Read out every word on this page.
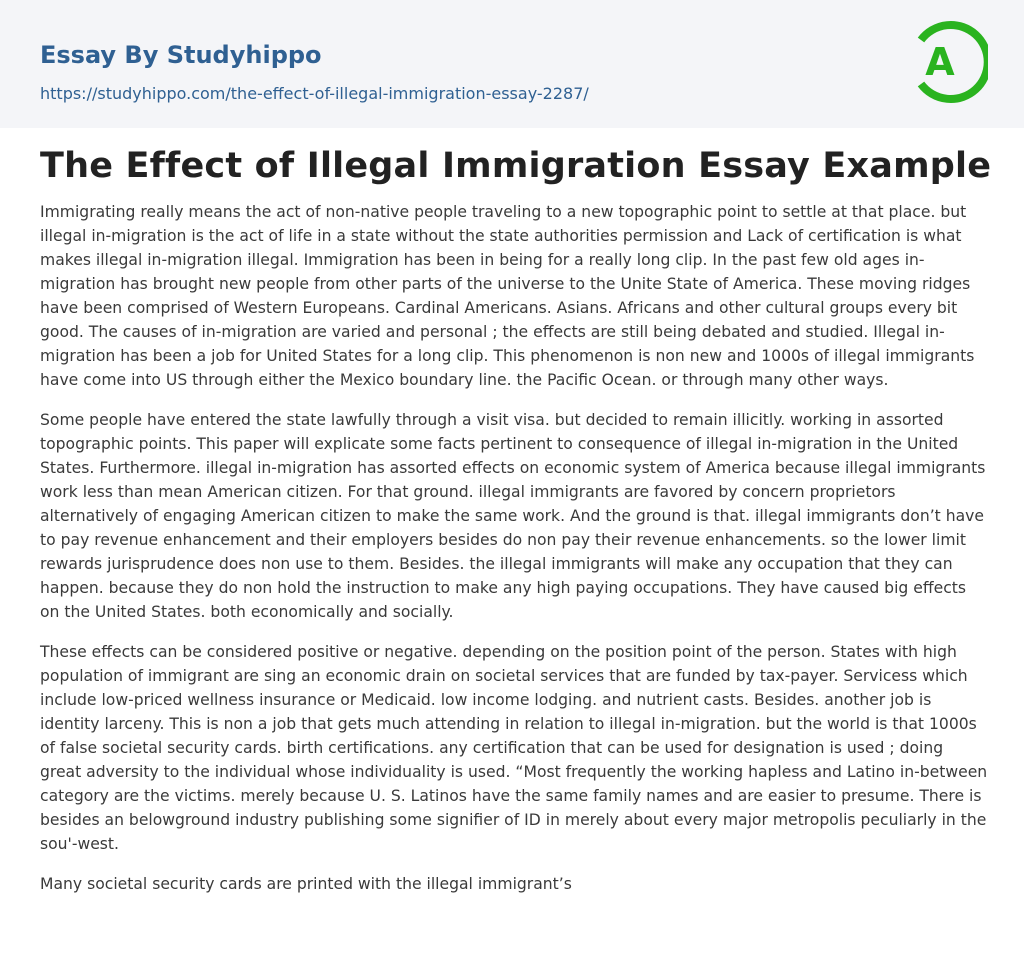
Essay By Studyhippo
https://studyhippo.com/the-effect-of-illegal-immigration-essay-2287/
A
The Effect of Illegal Immigration Essay Example

Immigrating really means the act of non-native people traveling to a new topographic point to settle at that place. but illegal in-migration is the act of life in a state without the state authorities permission and Lack of certification is what makes illegal in-migration illegal. Immigration has been in being for a really long clip. In the past few old ages in-migration has brought new people from other parts of the universe to the Unite State of America. These moving ridges have been comprised of Western Europeans. Cardinal Americans. Asians. Africans and other cultural groups every bit good. The causes of in-migration are varied and personal ; the effects are still being debated and studied. Illegal in-migration has been a job for United States for a long clip. This phenomenon is non new and 1000s of illegal immigrants have come into US through either the Mexico boundary line. the Pacific Ocean. or through many other ways.

Some people have entered the state lawfully through a visit visa. but decided to remain illicitly. working in assorted topographic points. This paper will explicate some facts pertinent to consequence of illegal in-migration in the United States. Furthermore. illegal in-migration has assorted effects on economic system of America because illegal immigrants work less than mean American citizen. For that ground. illegal immigrants are favored by concern proprietors alternatively of engaging American citizen to make the same work. And the ground is that. illegal immigrants don’t have to pay revenue enhancement and their employers besides do non pay their revenue enhancements. so the lower limit rewards jurisprudence does non use to them. Besides. the illegal immigrants will make any occupation that they can happen. because they do non hold the instruction to make any high paying occupations. They have caused big effects on the United States. both economically and socially.

These effects can be considered positive or negative. depending on the position point of the person. States with high population of immigrant are sing an economic drain on societal services that are funded by tax-payer. Servicess which include low-priced wellness insurance or Medicaid. low income lodging. and nutrient casts. Besides. another job is identity larceny. This is non a job that gets much attending in relation to illegal in-migration. but the world is that 1000s of false societal security cards. birth certifications. any certification that can be used for designation is used ; doing great adversity to the individual whose individuality is used. “Most frequently the working hapless and Latino in-between category are the victims. merely because U. S. Latinos have the same family names and are easier to presume. There is besides an belowground industry publishing some signifier of ID in merely about every major metropolis peculiarly in the sou'-west.

Many societal security cards are printed with the illegal immigrant’s
